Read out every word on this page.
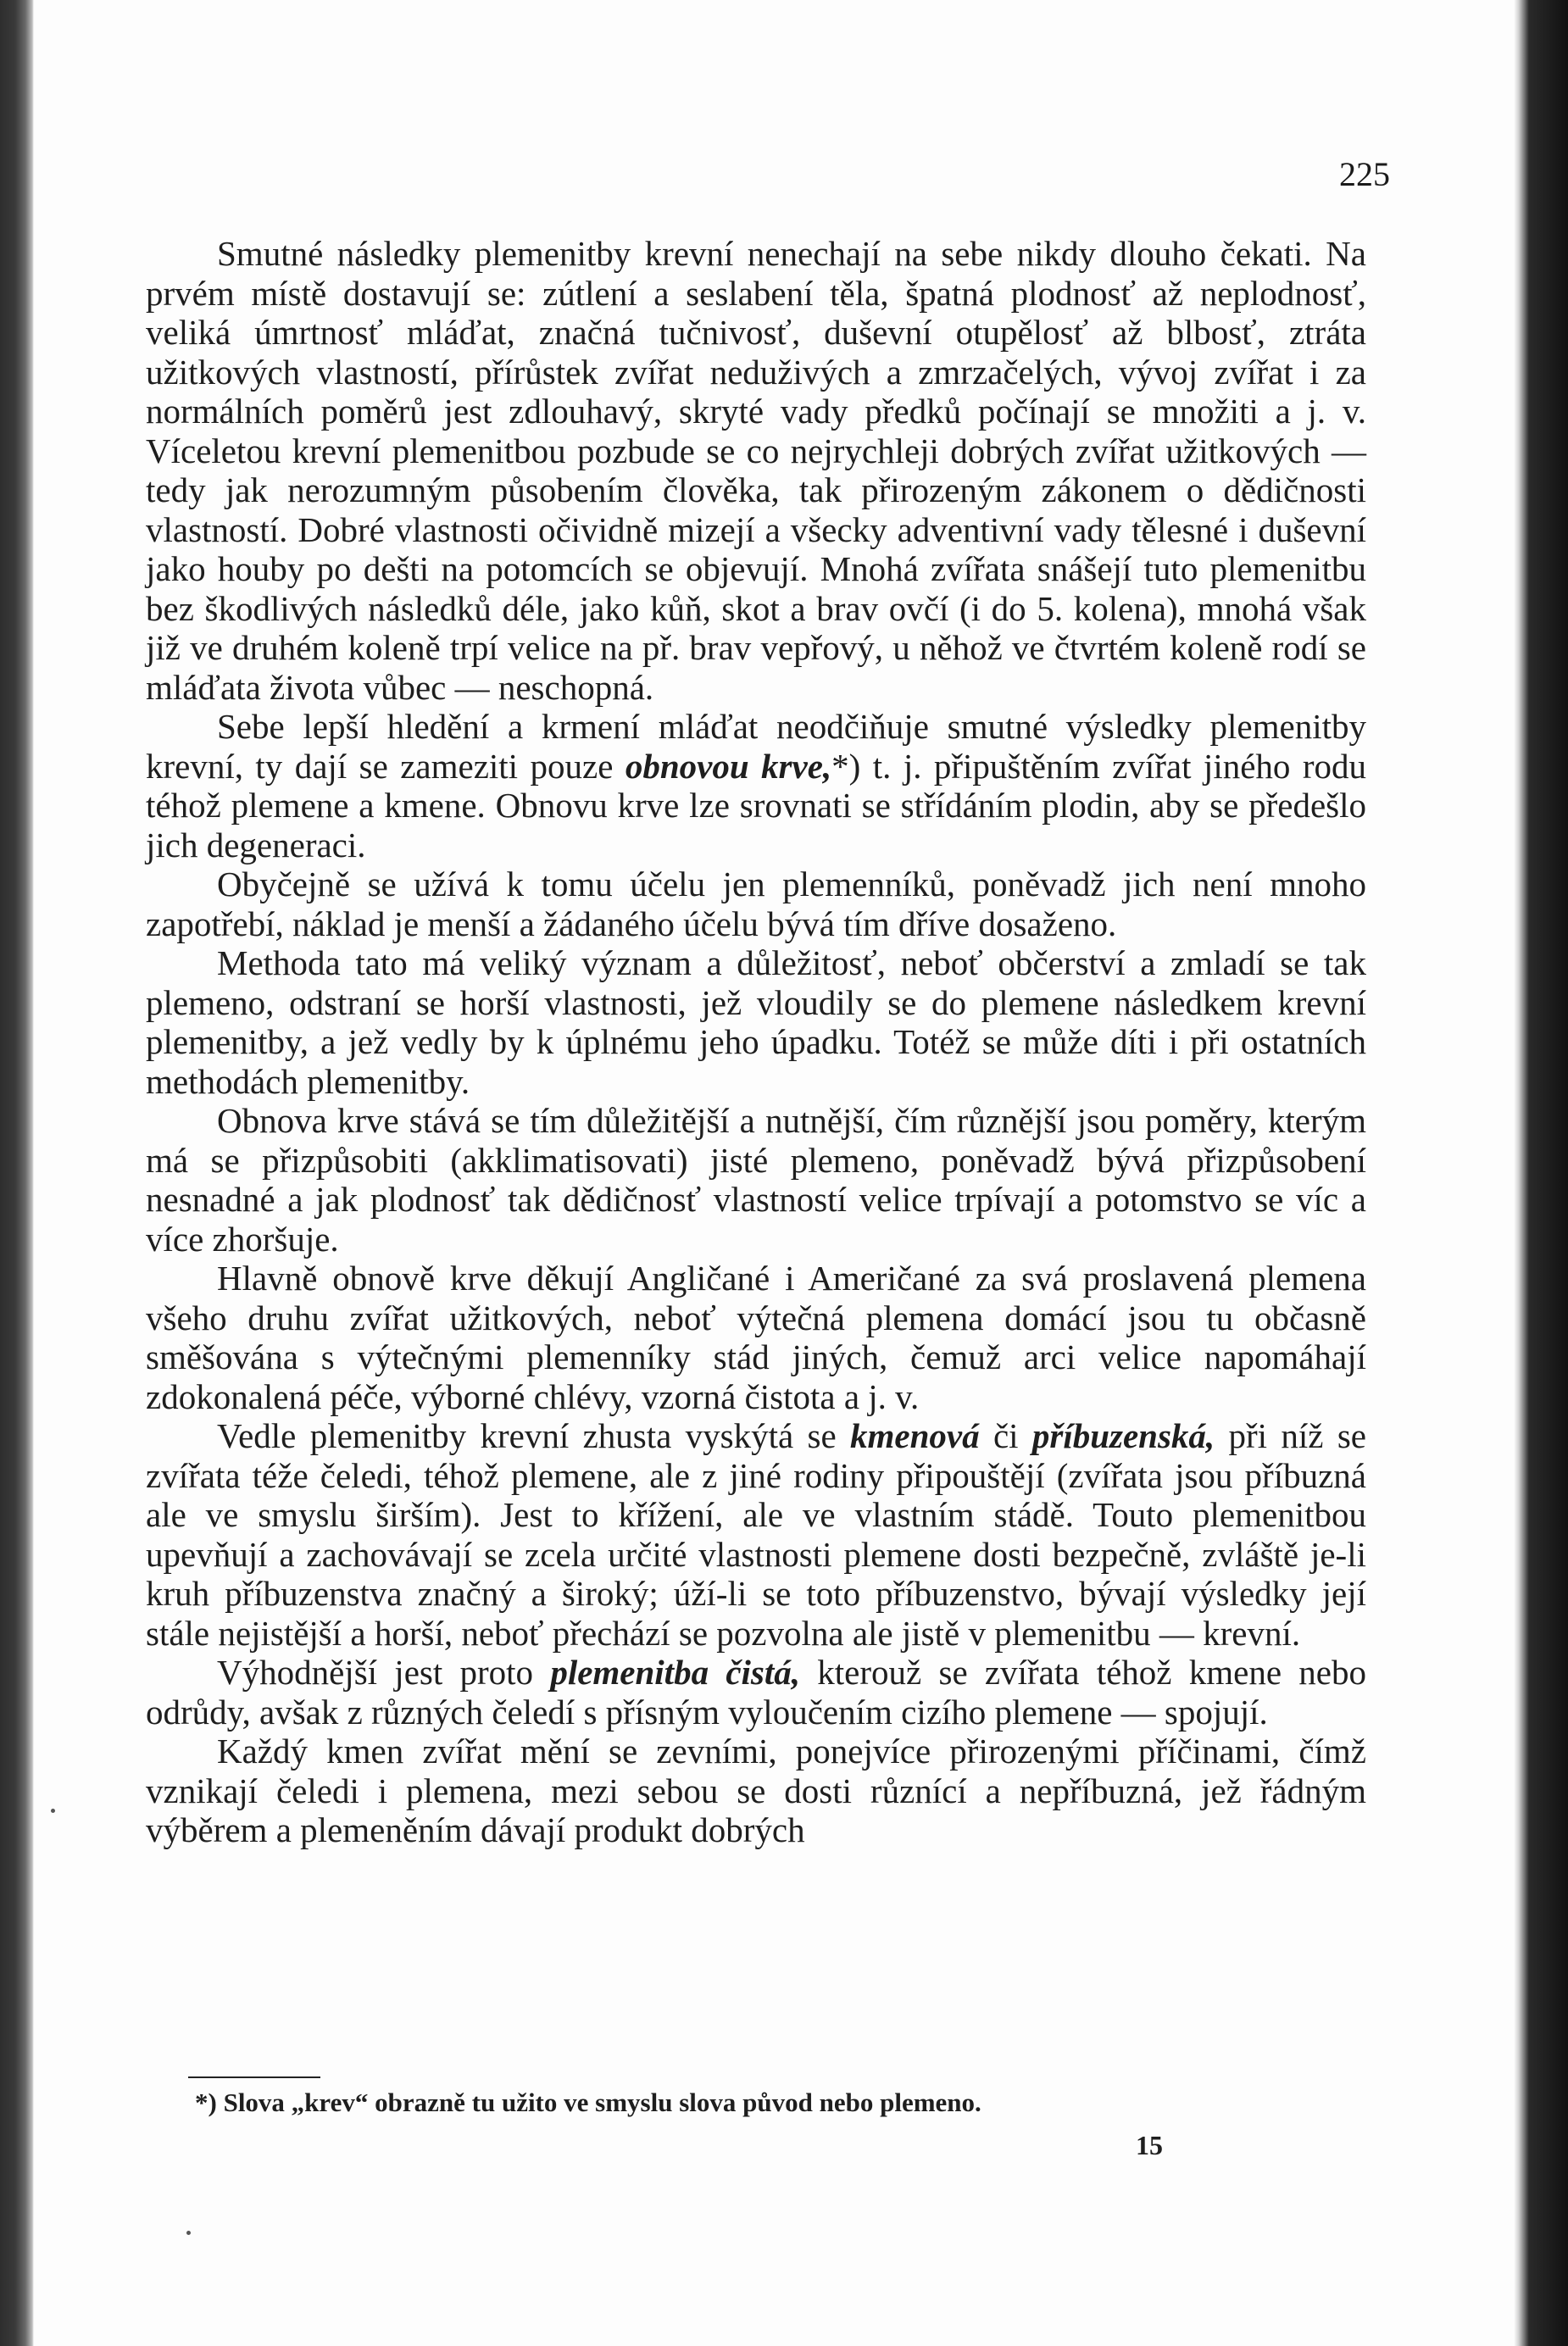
225

Smutné následky plemenitby krevní nenechají na sebe nikdy dlouho čekati. Na prvém místě dostavují se: zútlení a seslabení těla, špatná plodnosť až neplodnosť, veliká úmrtnosť mláďat, značná tučnivosť, duševní otupělosť až blbosť, ztráta užitkových vlastností, přírůstek zvířat neduživých a zmrzačelých, vývoj zvířat i za normálních poměrů jest zdlouhavý, skryté vady předků počínají se množiti a j. v. Víceletou krevní plemenitbou pozbude se co nejrychleji dobrých zvířat užitkových — tedy jak nerozumným působením člověka, tak přirozeným zákonem o dědičnosti vlastností. Dobré vlastnosti očividně mizejí a všecky adventivní vady tělesné i duševní jako houby po dešti na potomcích se objevují. Mnohá zvířata snášejí tuto plemenitbu bez škodlivých následků déle, jako kůň, skot a brav ovčí (i do 5. kolena), mnohá však již ve druhém koleně trpí velice na př. brav vepřový, u něhož ve čtvrtém koleně rodí se mláďata života vůbec — neschopná.

Sebe lepší hledění a krmení mláďat neodčiňuje smutné výsledky plemenitby krevní, ty dají se zameziti pouze obnovou krve,*) t. j. připuštěním zvířat jiného rodu téhož plemene a kmene. Obnovu krve lze srovnati se střídáním plodin, aby se předešlo jich degeneraci.

Obyčejně se užívá k tomu účelu jen plemenníků, poněvadž jich není mnoho zapotřebí, náklad je menší a žádaného účelu bývá tím dříve dosaženo.

Methoda tato má veliký význam a důležitosť, neboť občerství a zmladí se tak plemeno, odstraní se horší vlastnosti, jež vloudily se do plemene následkem krevní plemenitby, a jež vedly by k úplnému jeho úpadku. Totéž se může díti i při ostatních methodách plemenitby.

Obnova krve stává se tím důležitější a nutnější, čím různější jsou poměry, kterým má se přizpůsobiti (akklimatisovati) jisté plemeno, poněvadž bývá přizpůsobení nesnadné a jak plodnosť tak dědičnosť vlastností velice trpívají a potomstvo se víc a více zhoršuje.

Hlavně obnově krve děkují Angličané i Američané za svá proslavená plemena všeho druhu zvířat užitkových, neboť výtečná plemena domácí jsou tu občasně směšována s výtečnými plemenníky stád jiných, čemuž arci velice napomáhají zdokonalená péče, výborné chlévy, vzorná čistota a j. v.

Vedle plemenitby krevní zhusta vyskýtá se kmenová či příbuzenská, při níž se zvířata téže čeledi, téhož plemene, ale z jiné rodiny připouštějí (zvířata jsou příbuzná ale ve smyslu širším). Jest to křížení, ale ve vlastním stádě. Touto plemenitbou upevňují a zachovávají se zcela určité vlastnosti plemene dosti bezpečně, zvláště je-li kruh příbuzenstva značný a široký; úží-li se toto příbuzenstvo, bývají výsledky její stále nejistější a horší, neboť přechází se pozvolna ale jistě v plemenitbu — krevní.

Výhodnější jest proto plemenitba čistá, kterouž se zvířata téhož kmene nebo odrůdy, avšak z různých čeledí s přísným vyloučením cizího plemene — spojují.

Každý kmen zvířat mění se zevními, ponejvíce přirozenými příčinami, čímž vznikají čeledi i plemena, mezi sebou se dosti různící a nepříbuzná, jež řádným výběrem a plemeněním dávají produkt dobrých

*) Slova „krev“ obrazně tu užito ve smyslu slova původ nebo plemeno.
15
